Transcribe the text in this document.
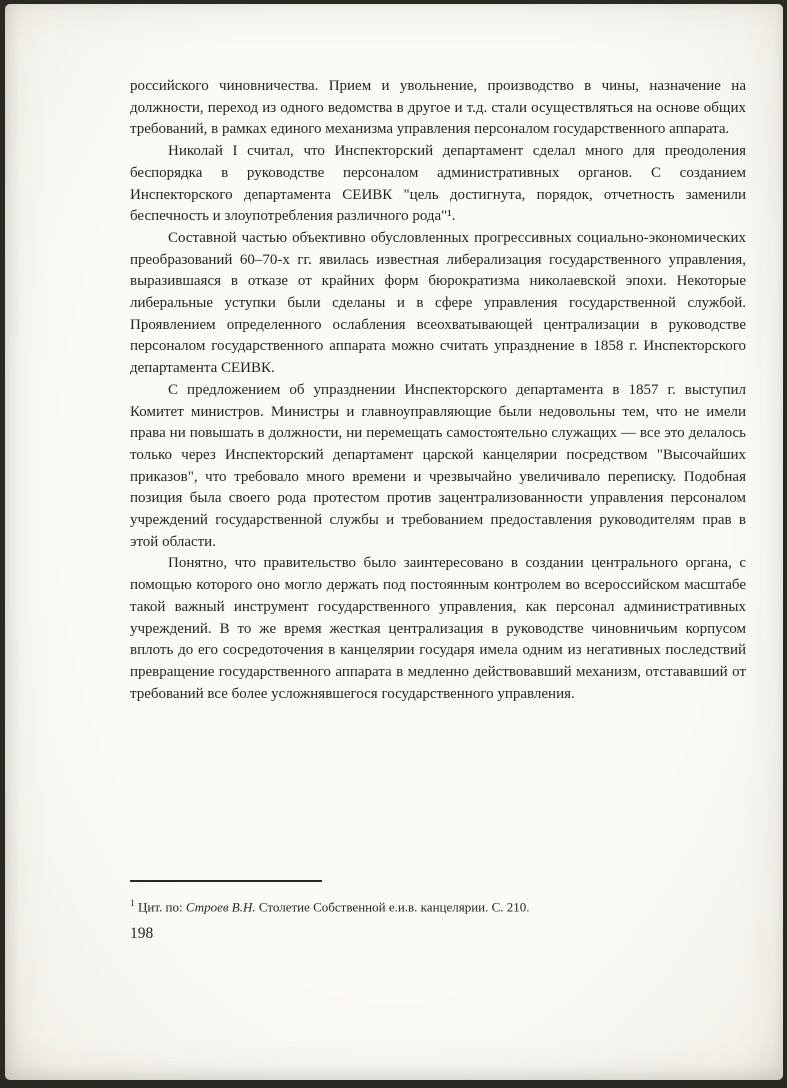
российского чиновничества. Прием и увольнение, производство в чины, назначение на должности, переход из одного ведомства в другое и т.д. стали осуществляться на основе общих требований, в рамках единого механизма управления персоналом государственного аппарата.

Николай I считал, что Инспекторский департамент сделал много для преодоления беспорядка в руководстве персоналом административных органов. С созданием Инспекторского департамента СЕИВК "цель достигнута, порядок, отчетность заменили беспечность и злоупотребления различного рода"¹.

Составной частью объективно обусловленных прогрессивных социально-экономических преобразований 60–70-х гг. явилась известная либерализация государственного управления, выразившаяся в отказе от крайних форм бюрократизма николаевской эпохи. Некоторые либеральные уступки были сделаны и в сфере управления государственной службой. Проявлением определенного ослабления всеохватывающей централизации в руководстве персоналом государственного аппарата можно считать упразднение в 1858 г. Инспекторского департамента СЕИВК.

С предложением об упразднении Инспекторского департамента в 1857 г. выступил Комитет министров. Министры и главноуправляющие были недовольны тем, что не имели права ни повышать в должности, ни перемещать самостоятельно служащих — все это делалось только через Инспекторский департамент царской канцелярии посредством "Высочайших приказов", что требовало много времени и чрезвычайно увеличивало переписку. Подобная позиция была своего рода протестом против зацентрализованности управления персоналом учреждений государственной службы и требованием предоставления руководителям прав в этой области.

Понятно, что правительство было заинтересовано в создании центрального органа, с помощью которого оно могло держать под постоянным контролем во всероссийском масштабе такой важный инструмент государственного управления, как персонал административных учреждений. В то же время жесткая централизация в руководстве чиновничьим корпусом вплоть до его сосредоточения в канцелярии государя имела одним из негативных последствий превращение государственного аппарата в медленно действовавший механизм, отстававший от требований все более усложнявшегося государственного управления.

$^1$ Цит. по: Строев В.Н. Столетие Собственной е.и.в. канцелярии. С. 210.

198
